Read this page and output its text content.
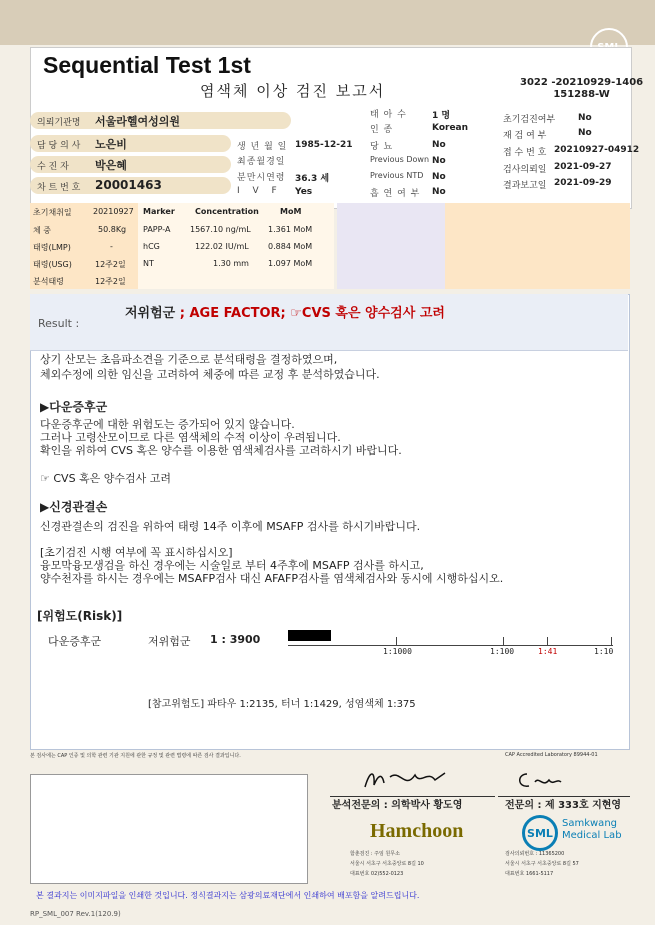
Sequential Test 1st
염색체 이상 검진 보고서	3022 -20210929-1406
151288-W
의뢰기관명 서울라헬여성의원
담 당 의 사 노은비
수 진 자 박은혜
차 트 번 호 20001463
생 년 월 일 1985-12-21
최종월경일
분만시연령 36.3 세
I V F Yes
태 아 수	1 명
인 종	Korean
당 뇨	No
Previous Down No
Previous NTD No
흡 연 여 부 No
초기검진여부	No
재 검 여 부	No
접 수 번 호 20210927-04912
검사의뢰일 2021-09-27
결과보고일 2021-09-29
초기채취일	20210927
체 중	50.8Kg
태령(LMP)	-
태령(USG)	12주2일
분석태령	12주2일
Marker	Concentration	MoM
PAPP-A 1567.10 ng/mL 1.361 MoM
hCG	122.02 IU/mL 0.884 MoM
NT	1.30 mm 1.097 MoM
Result :
저위험군 ; AGE FACTOR; ☞CVS 혹은 양수검사 고려
상기 산모는 초음파소견을 기준으로 분석태령을 결정하였으며,
체외수정에 의한 임신을 고려하여 체중에 따른 교정 후 분석하였습니다.
▶다운증후군
다운증후군에 대한 위험도는 증가되어 있지 않습니다.
그러나 고령산모이므로 다른 염색체의 수적 이상이 우려됩니다.
확인을 위하여 CVS 혹은 양수를 이용한 염색체검사를 고려하시기 바랍니다.
☞ CVS 혹은 양수검사 고려
▶신경관결손
신경관결손의 검진을 위하여 태령 14주 이후에 MSAFP 검사를 하시기바랍니다.
[초기검진 시행 여부에 꼭 표시하십시오]
융모막융모생검을 하신 경우에는 시술일로 부터 4주후에 MSAFP 검사를 하시고,
양수천자를 하시는 경우에는 MSAFP검사 대신 AFAFP검사를 염색체검사와 동시에 시행하십시오.
[위험도(Risk)]
다운증후군	저위험군 1 : 3900
1:1000	1:100	1:41	1:10
[참고위험도] 파타우 1:2135, 터너 1:1429, 성염색체 1:375
본 검사에는 CAP 인증 및 의학 관련 기관 지원에 관한 규정 및 관련 법령에 따른 검사 결과입니다.	CAP Accredited Laboratory 89944-01
분석전문의 : 의학박사 황도영	전문의 : 제 333호 지현영
Hamchoon	SML
Samkwang
Medical Lab
함춘검진 : 주임 원무소
서울시 서초구 서초중앙로 8길 10
대표번호 02)552-0123
검사의뢰번호 : 11365200
서울시 서초구 서초중앙로 8길 57
대표번호 1661-5117
본 결과지는 이미지파일을 인쇄한 것입니다. 정식결과지는 삼광의료재단에서 인쇄하여 배포함을 알려드립니다.
RP_SML_007 Rev.1(120.9)
